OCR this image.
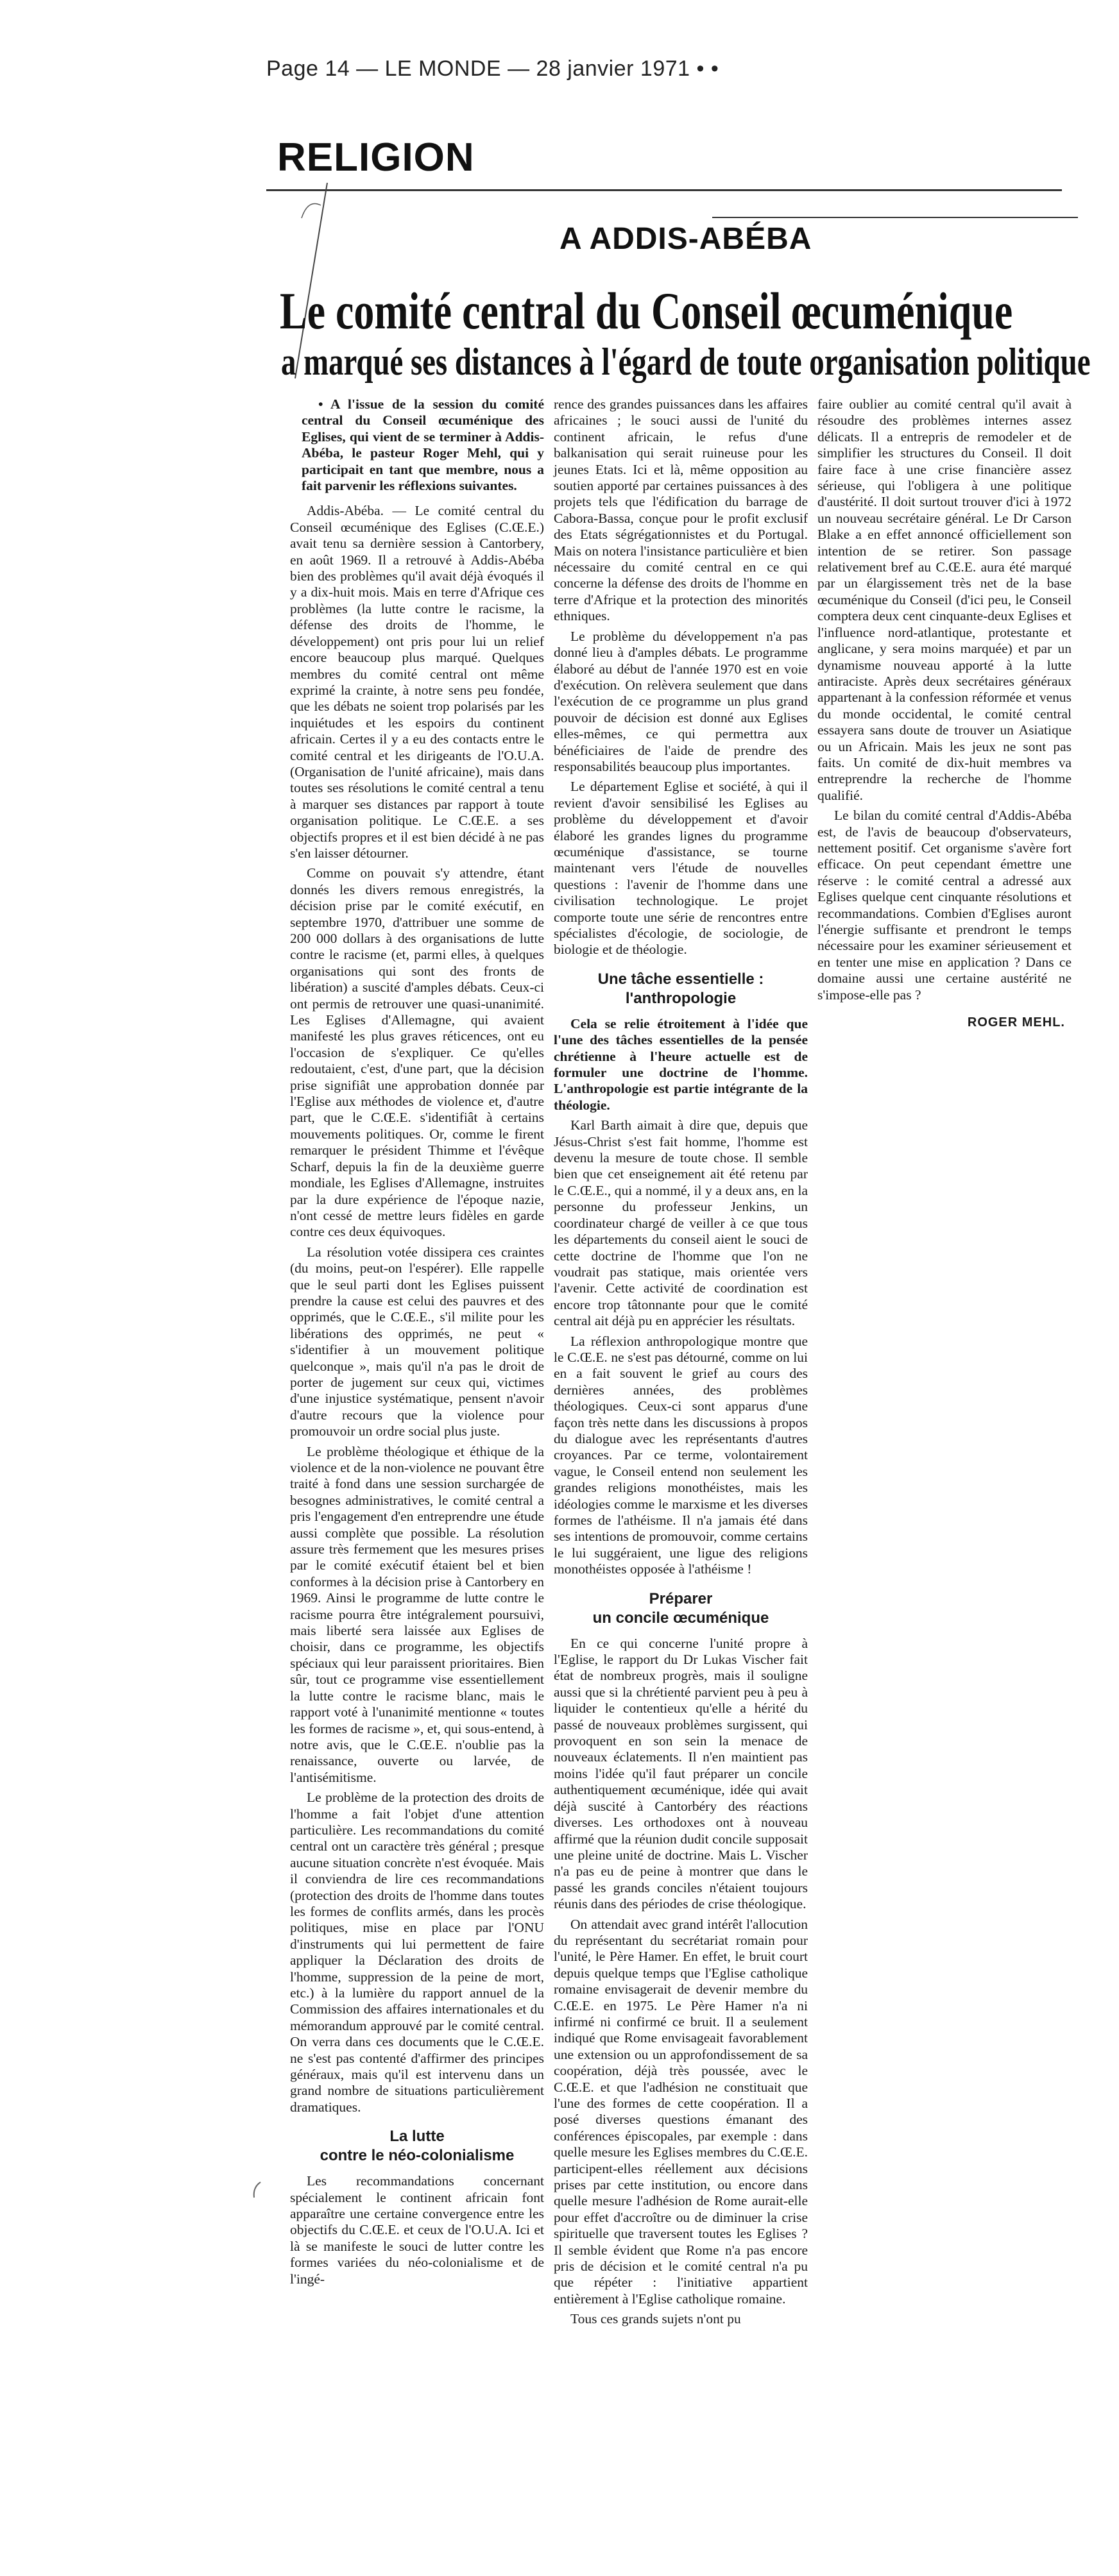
Page 14 — LE MONDE — 28 janvier 1971 • •
RELIGION
A ADDIS-ABÉBA
Le comité central du Conseil œcuménique
a marqué ses distances à l'égard de toute organisation politique

• A l'issue de la session du comité central du Conseil œcuménique des Eglises, qui vient de se terminer à Addis-Abéba, le pasteur Roger Mehl, qui y participait en tant que membre, nous a fait parvenir les réflexions suivantes.

Addis-Abéba. — Le comité central du Conseil œcuménique des Eglises (C.Œ.E.) avait tenu sa dernière session à Cantorbery, en août 1969. Il a retrouvé à Addis-Abéba bien des problèmes qu'il avait déjà évoqués il y a dix-huit mois. Mais en terre d'Afrique ces problèmes (la lutte contre le racisme, la défense des droits de l'homme, le développement) ont pris pour lui un relief encore beaucoup plus marqué. Quelques membres du comité central ont même exprimé la crainte, à notre sens peu fondée, que les débats ne soient trop polarisés par les inquiétudes et les espoirs du continent africain. Certes il y a eu des contacts entre le comité central et les dirigeants de l'O.U.A. (Organisation de l'unité africaine), mais dans toutes ses résolutions le comité central a tenu à marquer ses distances par rapport à toute organisation politique. Le C.Œ.E. a ses objectifs propres et il est bien décidé à ne pas s'en laisser détourner.

Comme on pouvait s'y attendre, étant donnés les divers remous enregistrés, la décision prise par le comité exécutif, en septembre 1970, d'attribuer une somme de 200 000 dollars à des organisations de lutte contre le racisme (et, parmi elles, à quelques organisations qui sont des fronts de libération) a suscité d'amples débats. Ceux-ci ont permis de retrouver une quasi-unanimité. Les Eglises d'Allemagne, qui avaient manifesté les plus graves réticences, ont eu l'occasion de s'expliquer. Ce qu'elles redoutaient, c'est, d'une part, que la décision prise signifiât une approbation donnée par l'Eglise aux méthodes de violence et, d'autre part, que le C.Œ.E. s'identifiât à certains mouvements politiques. Or, comme le firent remarquer le président Thimme et l'évêque Scharf, depuis la fin de la deuxième guerre mondiale, les Eglises d'Allemagne, instruites par la dure expérience de l'époque nazie, n'ont cessé de mettre leurs fidèles en garde contre ces deux équivoques.

La résolution votée dissipera ces craintes (du moins, peut-on l'espérer). Elle rappelle que le seul parti dont les Eglises puissent prendre la cause est celui des pauvres et des opprimés, que le C.Œ.E., s'il milite pour les libérations des opprimés, ne peut « s'identifier à un mouvement politique quelconque », mais qu'il n'a pas le droit de porter de jugement sur ceux qui, victimes d'une injustice systématique, pensent n'avoir d'autre recours que la violence pour promouvoir un ordre social plus juste.

Le problème théologique et éthique de la violence et de la non-violence ne pouvant être traité à fond dans une session surchargée de besognes administratives, le comité central a pris l'engagement d'en entreprendre une étude aussi complète que possible. La résolution assure très fermement que les mesures prises par le comité exécutif étaient bel et bien conformes à la décision prise à Cantorbery en 1969. Ainsi le programme de lutte contre le racisme pourra être intégralement poursuivi, mais liberté sera laissée aux Eglises de choisir, dans ce programme, les objectifs spéciaux qui leur paraissent prioritaires. Bien sûr, tout ce programme vise essentiellement la lutte contre le racisme blanc, mais le rapport voté à l'unanimité mentionne « toutes les formes de racisme », et, qui sous-entend, à notre avis, que le C.Œ.E. n'oublie pas la renaissance, ouverte ou larvée, de l'antisémitisme.

Le problème de la protection des droits de l'homme a fait l'objet d'une attention particulière. Les recommandations du comité central ont un caractère très général ; presque aucune situation concrète n'est évoquée. Mais il conviendra de lire ces recommandations (protection des droits de l'homme dans toutes les formes de conflits armés, dans les procès politiques, mise en place par l'ONU d'instruments qui lui permettent de faire appliquer la Déclaration des droits de l'homme, suppression de la peine de mort, etc.) à la lumière du rapport annuel de la Commission des affaires internationales et du mémorandum approuvé par le comité central. On verra dans ces documents que le C.Œ.E. ne s'est pas contenté d'affirmer des principes généraux, mais qu'il est intervenu dans un grand nombre de situations particulièrement dramatiques.

La lutte
contre le néo-colonialisme

Les recommandations concernant spécialement le continent africain font apparaître une certaine convergence entre les objectifs du C.Œ.E. et ceux de l'O.U.A. Ici et là se manifeste le souci de lutter contre les formes variées du néo-colonialisme et de l'ingé-

rence des grandes puissances dans les affaires africaines ; le souci aussi de l'unité du continent africain, le refus d'une balkanisation qui serait ruineuse pour les jeunes Etats. Ici et là, même opposition au soutien apporté par certaines puissances à des projets tels que l'édification du barrage de Cabora-Bassa, conçue pour le profit exclusif des Etats ségrégationnistes et du Portugal. Mais on notera l'insistance particulière et bien nécessaire du comité central en ce qui concerne la défense des droits de l'homme en terre d'Afrique et la protection des minorités ethniques.

Le problème du développement n'a pas donné lieu à d'amples débats. Le programme élaboré au début de l'année 1970 est en voie d'exécution. On relèvera seulement que dans l'exécution de ce programme un plus grand pouvoir de décision est donné aux Eglises elles-mêmes, ce qui permettra aux bénéficiaires de l'aide de prendre des responsabilités beaucoup plus importantes.

Le département Eglise et société, à qui il revient d'avoir sensibilisé les Eglises au problème du développement et d'avoir élaboré les grandes lignes du programme œcuménique d'assistance, se tourne maintenant vers l'étude de nouvelles questions : l'avenir de l'homme dans une civilisation technologique. Le projet comporte toute une série de rencontres entre spécialistes d'écologie, de sociologie, de biologie et de théologie.

Une tâche essentielle :
l'anthropologie

Cela se relie étroitement à l'idée que l'une des tâches essentielles de la pensée chrétienne à l'heure actuelle est de formuler une doctrine de l'homme. L'anthropologie est partie intégrante de la théologie.

Karl Barth aimait à dire que, depuis que Jésus-Christ s'est fait homme, l'homme est devenu la mesure de toute chose. Il semble bien que cet enseignement ait été retenu par le C.Œ.E., qui a nommé, il y a deux ans, en la personne du professeur Jenkins, un coordinateur chargé de veiller à ce que tous les départements du conseil aient le souci de cette doctrine de l'homme que l'on ne voudrait pas statique, mais orientée vers l'avenir. Cette activité de coordination est encore trop tâtonnante pour que le comité central ait déjà pu en apprécier les résultats.

La réflexion anthropologique montre que le C.Œ.E. ne s'est pas détourné, comme on lui en a fait souvent le grief au cours des dernières années, des problèmes théologiques. Ceux-ci sont apparus d'une façon très nette dans les discussions à propos du dialogue avec les représentants d'autres croyances. Par ce terme, volontairement vague, le Conseil entend non seulement les grandes religions monothéistes, mais les idéologies comme le marxisme et les diverses formes de l'athéisme. Il n'a jamais été dans ses intentions de promouvoir, comme certains le lui suggéraient, une ligue des religions monothéistes opposée à l'athéisme !

Préparer
un concile œcuménique

En ce qui concerne l'unité propre à l'Eglise, le rapport du Dr Lukas Vischer fait état de nombreux progrès, mais il souligne aussi que si la chrétienté parvient peu à peu à liquider le contentieux qu'elle a hérité du passé de nouveaux problèmes surgissent, qui provoquent en son sein la menace de nouveaux éclatements. Il n'en maintient pas moins l'idée qu'il faut préparer un concile authentiquement œcuménique, idée qui avait déjà suscité à Cantorbéry des réactions diverses. Les orthodoxes ont à nouveau affirmé que la réunion dudit concile supposait une pleine unité de doctrine. Mais L. Vischer n'a pas eu de peine à montrer que dans le passé les grands conciles n'étaient toujours réunis dans des périodes de crise théologique.

On attendait avec grand intérêt l'allocution du représentant du secrétariat romain pour l'unité, le Père Hamer. En effet, le bruit court depuis quelque temps que l'Eglise catholique romaine envisagerait de devenir membre du C.Œ.E. en 1975. Le Père Hamer n'a ni infirmé ni confirmé ce bruit. Il a seulement indiqué que Rome envisageait favorablement une extension ou un approfondissement de sa coopération, déjà très poussée, avec le C.Œ.E. et que l'adhésion ne constituait que l'une des formes de cette coopération. Il a posé diverses questions émanant des conférences épiscopales, par exemple : dans quelle mesure les Eglises membres du C.Œ.E. participent-elles réellement aux décisions prises par cette institution, ou encore dans quelle mesure l'adhésion de Rome aurait-elle pour effet d'accroître ou de diminuer la crise spirituelle que traversent toutes les Eglises ? Il semble évident que Rome n'a pas encore pris de décision et le comité central n'a pu que répéter : l'initiative appartient entièrement à l'Eglise catholique romaine.

Tous ces grands sujets n'ont pu

faire oublier au comité central qu'il avait à résoudre des problèmes internes assez délicats. Il a entrepris de remodeler et de simplifier les structures du Conseil. Il doit faire face à une crise financière assez sérieuse, qui l'obligera à une politique d'austérité. Il doit surtout trouver d'ici à 1972 un nouveau secrétaire général. Le Dr Carson Blake a en effet annoncé officiellement son intention de se retirer. Son passage relativement bref au C.Œ.E. aura été marqué par un élargissement très net de la base œcuménique du Conseil (d'ici peu, le Conseil comptera deux cent cinquante-deux Eglises et l'influence nord-atlantique, protestante et anglicane, y sera moins marquée) et par un dynamisme nouveau apporté à la lutte antiraciste. Après deux secrétaires généraux appartenant à la confession réformée et venus du monde occidental, le comité central essayera sans doute de trouver un Asiatique ou un Africain. Mais les jeux ne sont pas faits. Un comité de dix-huit membres va entreprendre la recherche de l'homme qualifié.

Le bilan du comité central d'Addis-Abéba est, de l'avis de beaucoup d'observateurs, nettement positif. Cet organisme s'avère fort efficace. On peut cependant émettre une réserve : le comité central a adressé aux Eglises quelque cent cinquante résolutions et recommandations. Combien d'Eglises auront l'énergie suffisante et prendront le temps nécessaire pour les examiner sérieusement et en tenter une mise en application ? Dans ce domaine aussi une certaine austérité ne s'impose-elle pas ?

ROGER MEHL.
